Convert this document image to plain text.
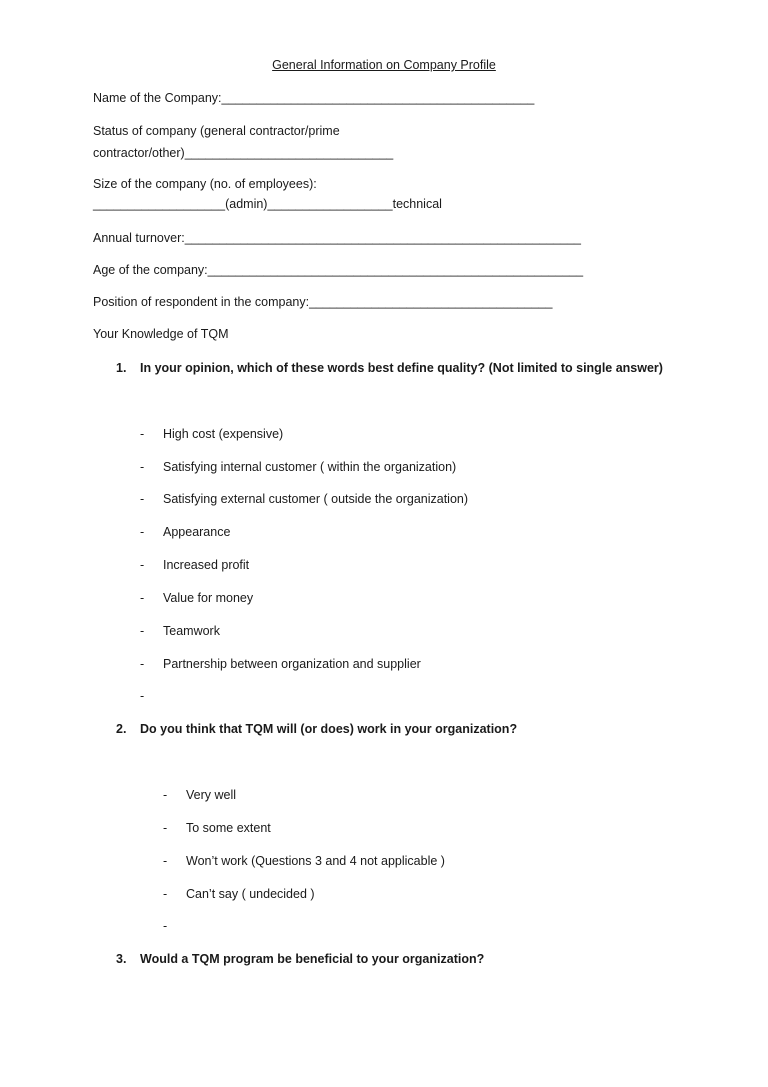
General Information on Company Profile
Name of the Company:_____________________________________________
Status of company (general contractor/prime
contractor/other)______________________________
Size of the company (no. of employees):
___________________(admin)__________________technical
Annual turnover:_________________________________________________________
Age of the company:______________________________________________________
Position of respondent in the company:___________________________________
Your Knowledge of TQM
1. In your opinion, which of these words best define quality? (Not limited to single answer)
- High cost (expensive)
- Satisfying internal customer ( within the organization)
- Satisfying external customer ( outside the organization)
- Appearance
- Increased profit
- Value for money
- Teamwork
- Partnership between organization and supplier
-
2. Do you think that TQM will (or does) work in your organization?
- Very well
- To some extent
- Won’t work (Questions 3 and 4 not applicable )
- Can’t say ( undecided )
-
3. Would a TQM program be beneficial to your organization?
